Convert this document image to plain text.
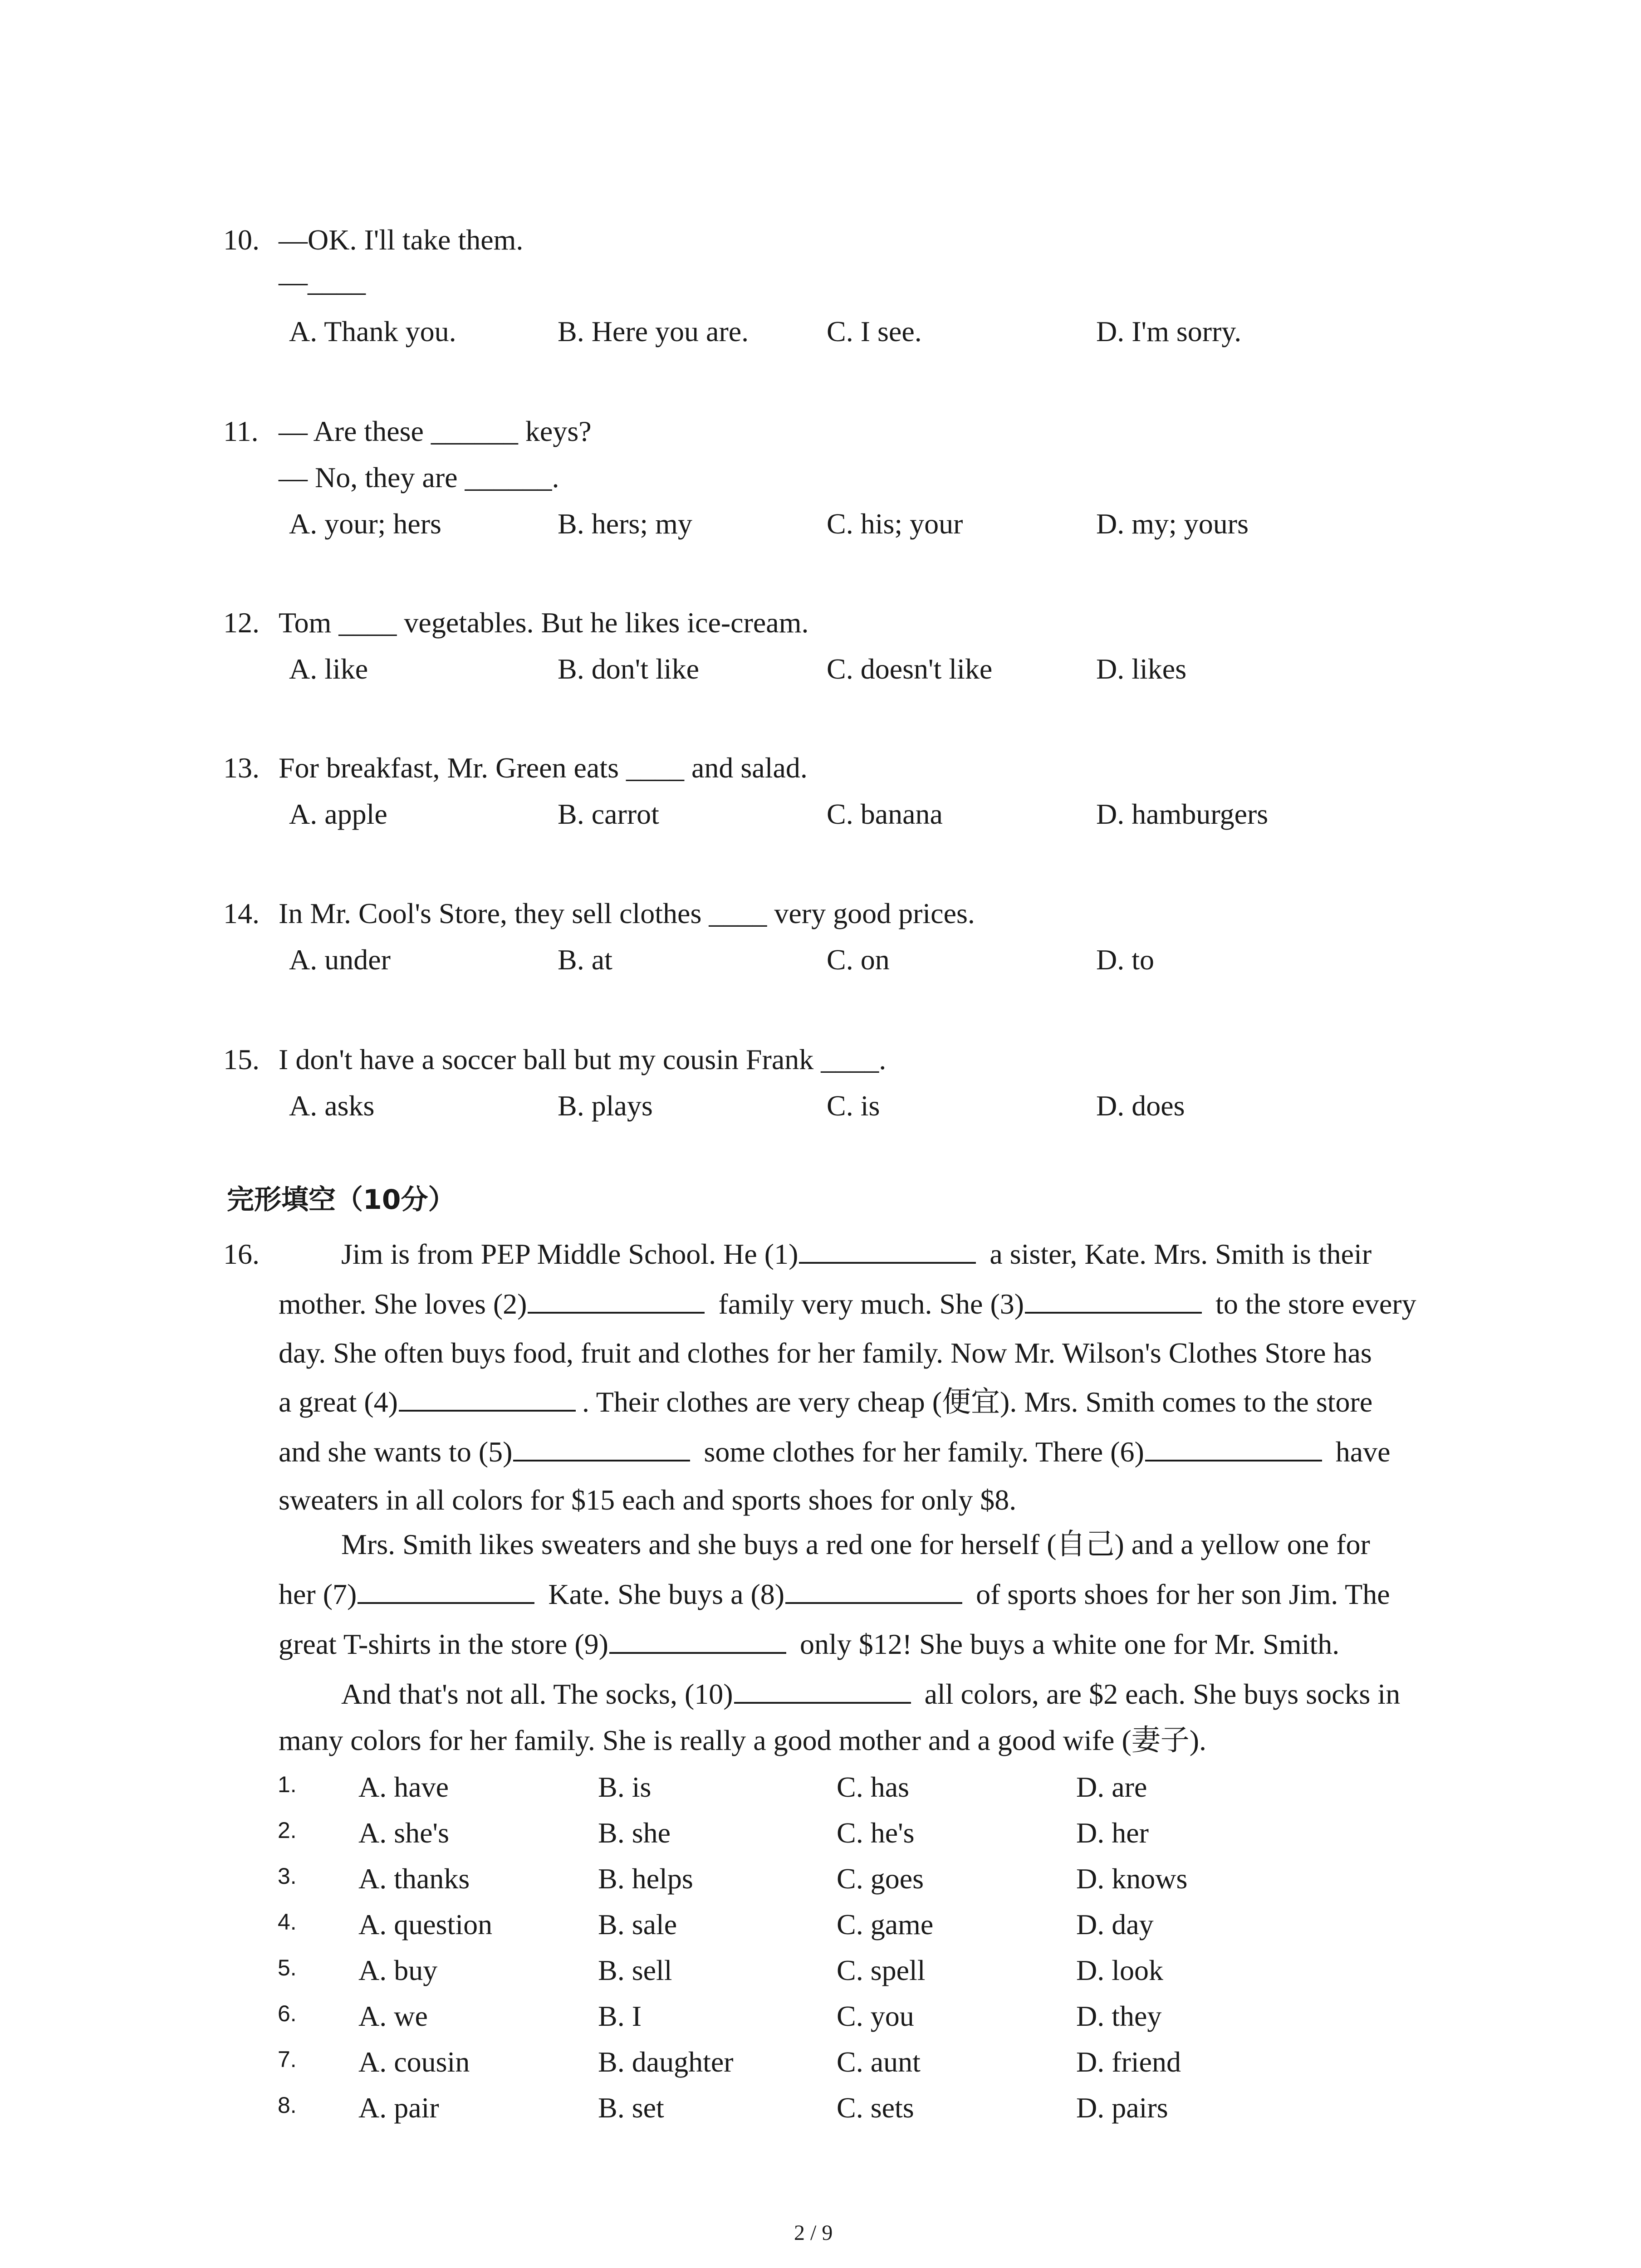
10. —OK. I'll take them.
—____
A. Thank you.	B. Here you are.	C. I see.	D. I'm sorry.
11. — Are these ______ keys?
— No, they are ______.
A. your; hers	B. hers; my	C. his; your	D. my; yours
12. Tom ____ vegetables. But he likes ice-cream.
A. like	B. don't like	C. doesn't like	D. likes
13. For breakfast, Mr. Green eats ____ and salad.
A. apple	B. carrot	C. banana	D. hamburgers
14. In Mr. Cool's Store, they sell clothes ____ very good prices.
A. under	B. at	C. on	D. to
15. I don't have a soccer ball but my cousin Frank ____.
A. asks	B. plays	C. is	D. does
完形填空（10分）
16.	Jim is from PEP Middle School. He (1)	a sister, Kate. Mrs. Smith is their
mother. She loves (2)	family very much. She (3)	to the store every
day. She often buys food, fruit and clothes for her family. Now Mr. Wilson's Clothes Store has
a great (4)	. Their clothes are very cheap (便宜). Mrs. Smith comes to the store
and she wants to (5)	some clothes for her family. There (6)	have
sweaters in all colors for $15 each and sports shoes for only $8.
Mrs. Smith likes sweaters and she buys a red one for herself (自己) and a yellow one for
her (7)	Kate. She buys a (8)	of sports shoes for her son Jim. The
great T-shirts in the store (9)	only $12! She buys a white one for Mr. Smith.
And that's not all. The socks, (10)	all colors, are $2 each. She buys socks in
many colors for her family. She is really a good mother and a good wife (妻子).
1. A. have	B. is	C. has	D. are
2. A. she's	B. she	C. he's	D. her
3. A. thanks	B. helps	C. goes	D. knows
4. A. question	B. sale	C. game	D. day
5. A. buy	B. sell	C. spell	D. look
6. A. we	B. I	C. you	D. they
7. A. cousin	B. daughter	C. aunt	D. friend
8. A. pair	B. set	C. sets	D. pairs
2 / 9
